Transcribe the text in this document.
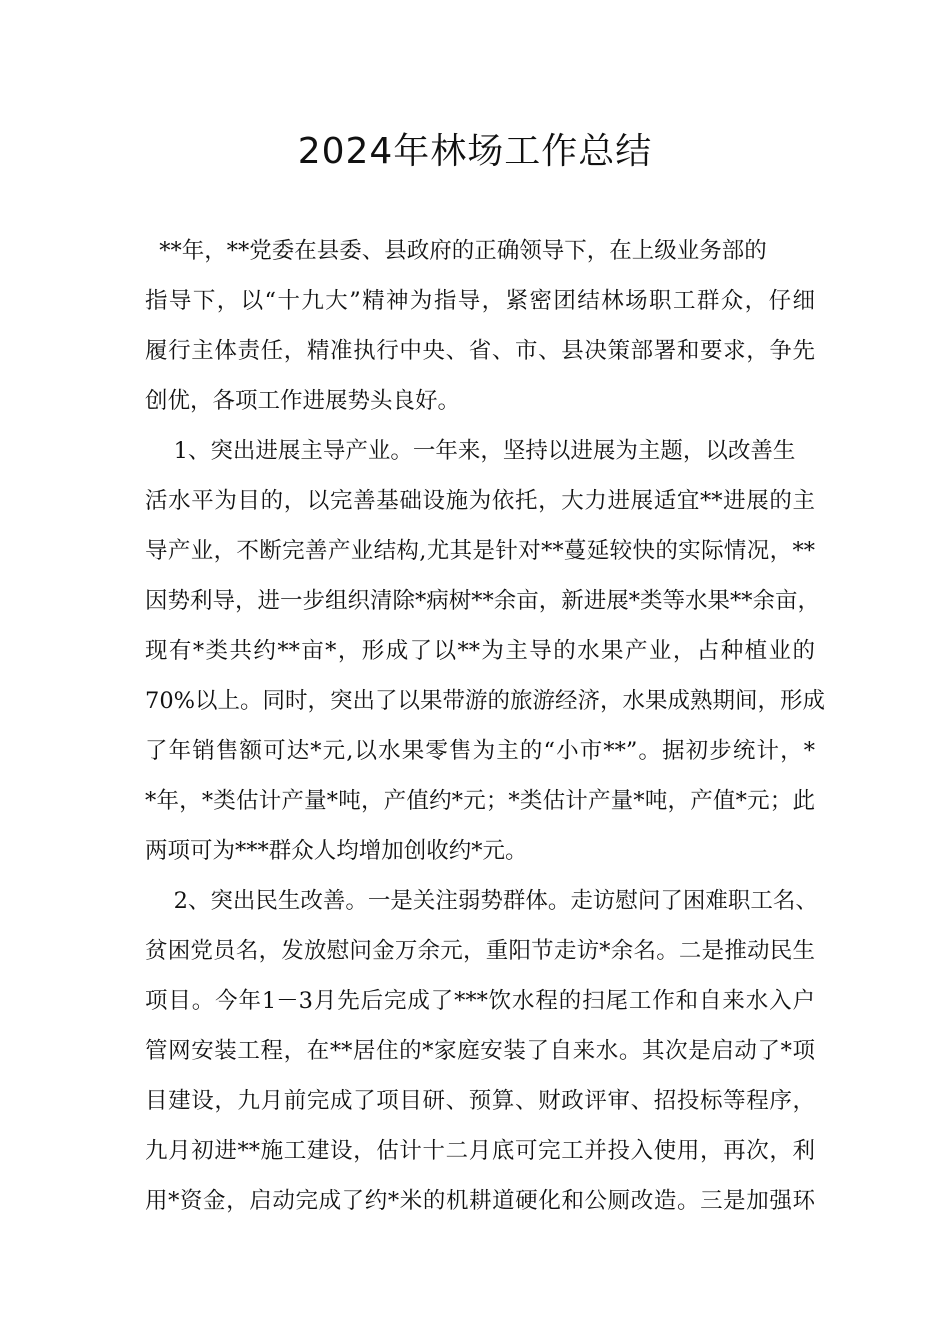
2024年林场工作总结
**年，**党委在县委、县政府的正确领导下，在上级业务部的
指导下，以“十九大”精神为指导，紧密团结林场职工群众，仔细
履行主体责任，精准执行中央、省、市、县决策部署和要求，争先
创优，各项工作进展势头良好。
1、突出进展主导产业。一年来，坚持以进展为主题，以改善生
活水平为目的，以完善基础设施为依托，大力进展适宜**进展的主
导产业，不断完善产业结构,尤其是针对**蔓延较快的实际情况，**
因势利导，进一步组织清除*病树**余亩，新进展*类等水果**余亩，
现有*类共约**亩*，形成了以**为主导的水果产业，占种植业的
70%以上。同时，突出了以果带游的旅游经济，水果成熟期间，形成
了年销售额可达*元,以水果零售为主的“小市**”。据初步统计，*
*年，*类估计产量*吨，产值约*元；*类估计产量*吨，产值*元；此
两项可为***群众人均增加创收约*元。
2、突出民生改善。一是关注弱势群体。走访慰问了困难职工名、
贫困党员名，发放慰问金万余元，重阳节走访*余名。二是推动民生
项目。今年1－3月先后完成了***饮水程的扫尾工作和自来水入户
管网安装工程，在**居住的*家庭安装了自来水。其次是启动了*项
目建设，九月前完成了项目研、预算、财政评审、招投标等程序，
九月初进**施工建设，估计十二月底可完工并投入使用，再次，利
用*资金，启动完成了约*米的机耕道硬化和公厕改造。三是加强环
